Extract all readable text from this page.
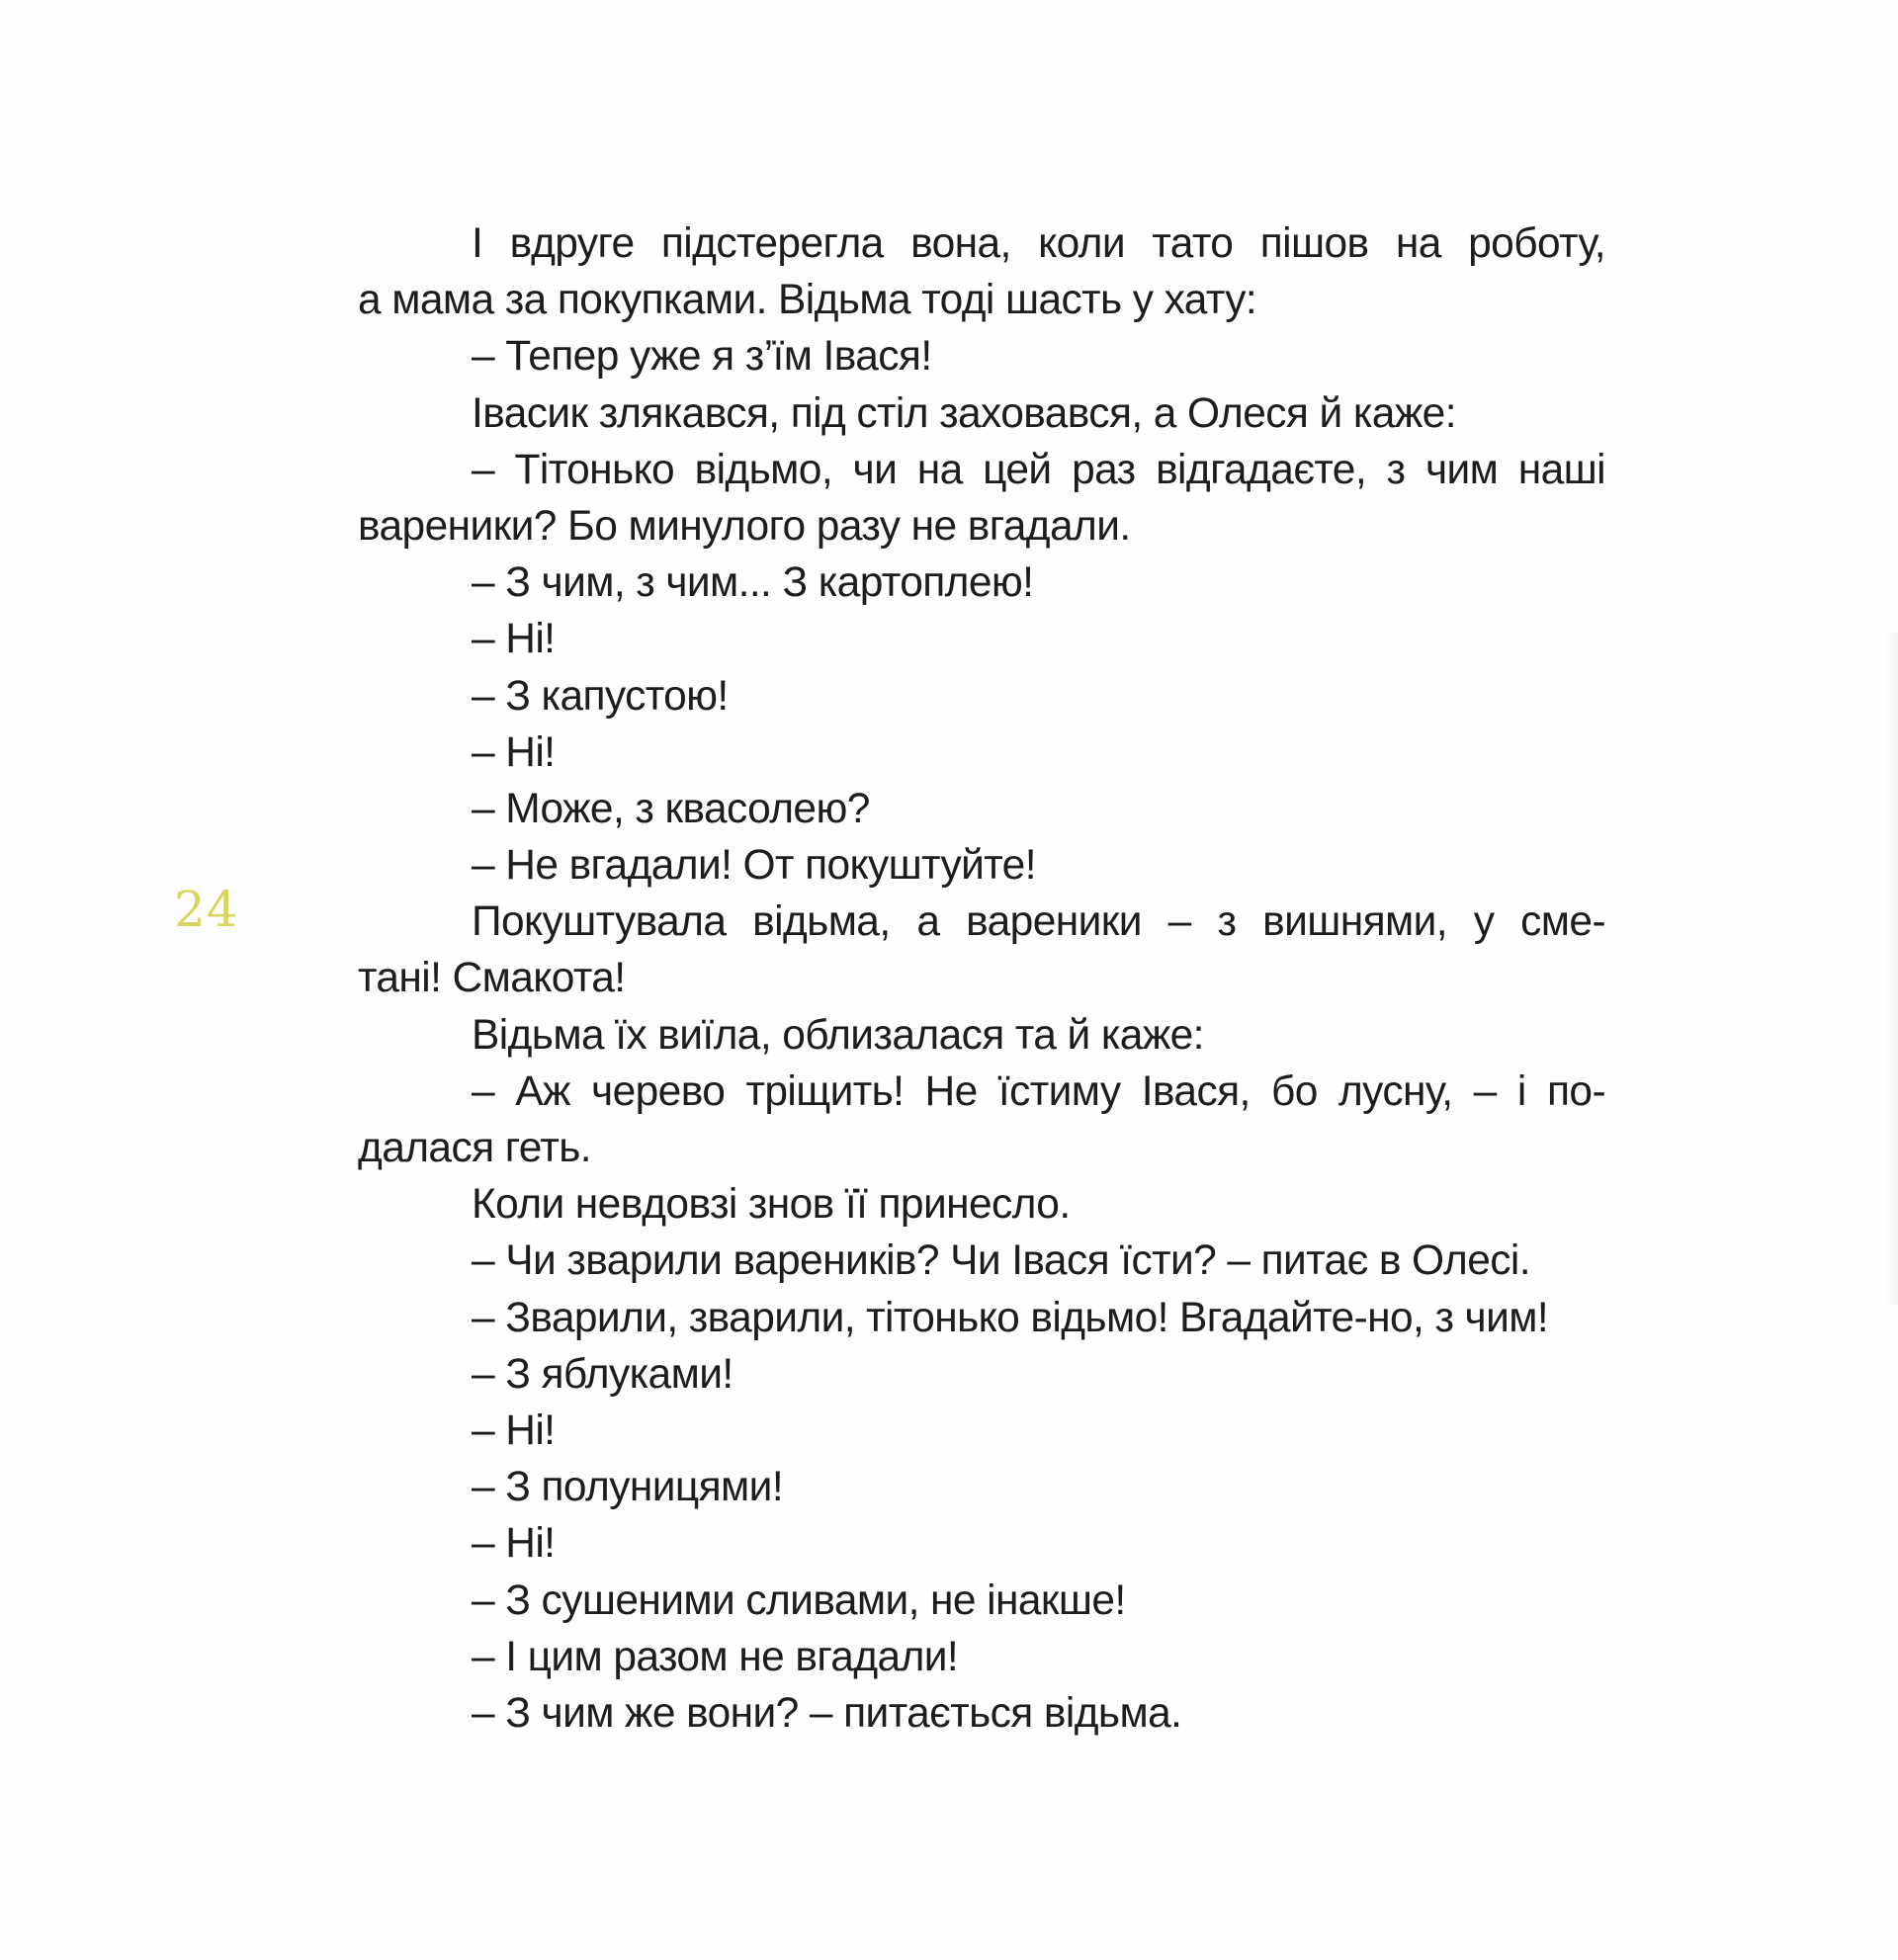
24
І вдруге підстерегла вона, коли тато пішов на роботу,
а мама за покупками. Відьма тоді шасть у хату:
– Тепер уже я з’їм Івася!
Івасик злякався, під стіл заховався, а Олеся й каже:
– Тітонько відьмо, чи на цей раз відгадаєте, з чим наші
вареники? Бо минулого разу не вгадали.
– З чим, з чим... З картоплею!
– Ні!
– З капустою!
– Ні!
– Може, з квасолею?
– Не вгадали! От покуштуйте!
Покуштувала відьма, а вареники – з вишнями, у сме-
тані! Смакота!
Відьма їх виїла, облизалася та й каже:
– Аж черево тріщить! Не їстиму Івася, бо лусну, – і по-
далася геть.
Коли невдовзі знов її принесло.
– Чи зварили вареників? Чи Івася їсти? – питає в Олесі.
– Зварили, зварили, тітонько відьмо! Вгадайте-но, з чим!
– З яблуками!
– Ні!
– З полуницями!
– Ні!
– З сушеними сливами, не інакше!
– І цим разом не вгадали!
– З чим же вони? – питається відьма.
